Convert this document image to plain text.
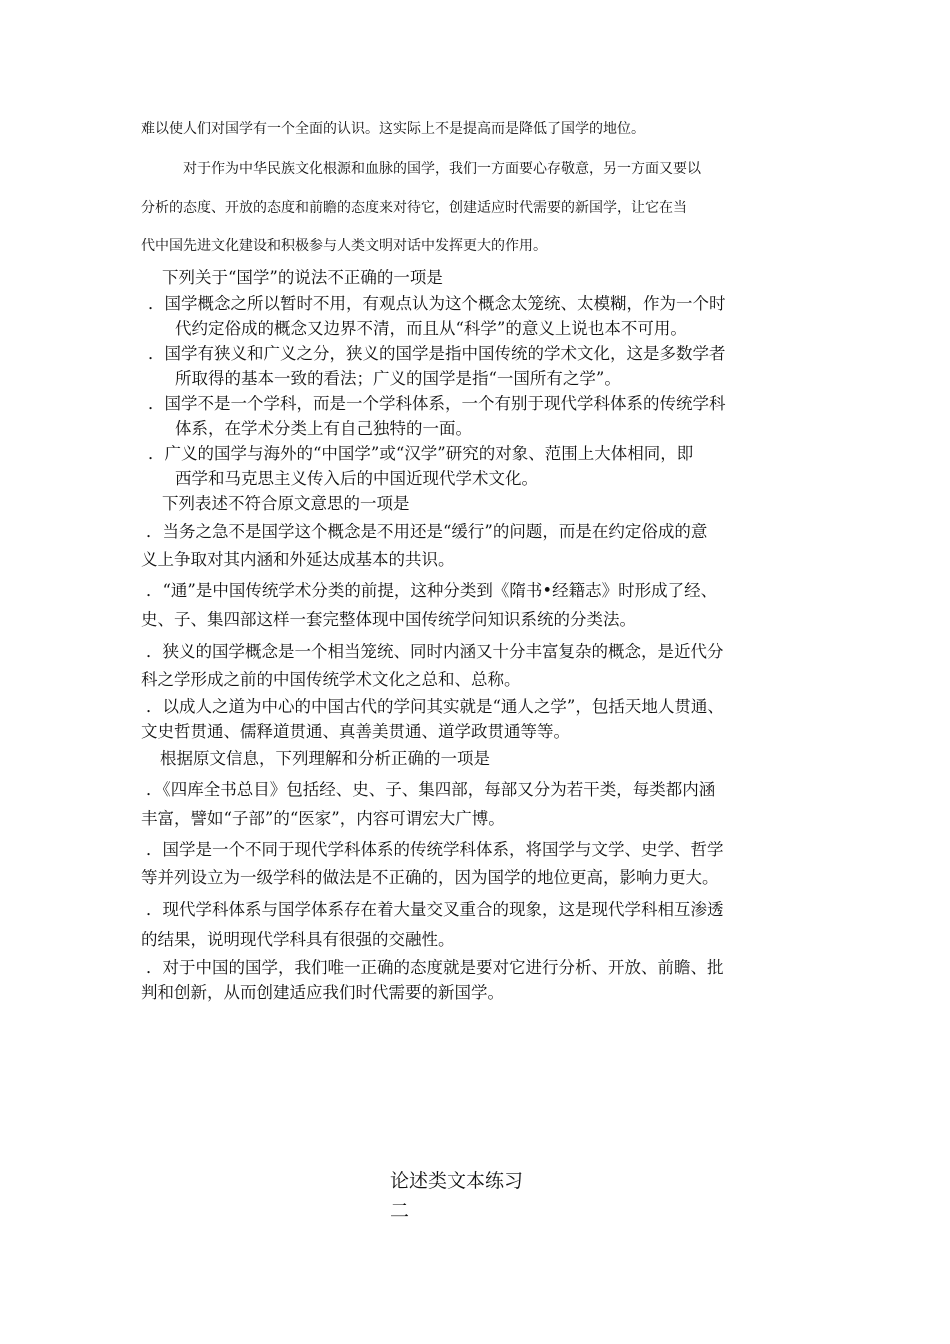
难以使人们对国学有一个全面的认识。这实际上不是提高而是降低了国学的地位。
对于作为中华民族文化根源和血脉的国学，我们一方面要心存敬意，另一方面又要以
分析的态度、开放的态度和前瞻的态度来对待它，创建适应时代需要的新国学，让它在当
代中国先进文化建设和积极参与人类文明对话中发挥更大的作用。
下列关于“国学”的说法不正确的一项是
．国学概念之所以暂时不用，有观点认为这个概念太笼统、太模糊，作为一个时
代约定俗成的概念又边界不清，而且从“科学”的意义上说也本不可用。
．国学有狭义和广义之分，狭义的国学是指中国传统的学术文化，这是多数学者
所取得的基本一致的看法；广义的国学是指“一国所有之学”。
．国学不是一个学科，而是一个学科体系，一个有别于现代学科体系的传统学科
体系，在学术分类上有自己独特的一面。
．广义的国学与海外的“中国学”或“汉学”研究的对象、范围上大体相同，即
西学和马克思主义传入后的中国近现代学术文化。
下列表述不符合原文意思的一项是
．当务之急不是国学这个概念是不用还是“缓行”的问题，而是在约定俗成的意
义上争取对其内涵和外延达成基本的共识。
．“通”是中国传统学术分类的前提，这种分类到《隋书•经籍志》时形成了经、
史、子、集四部这样一套完整体现中国传统学问知识系统的分类法。
．狭义的国学概念是一个相当笼统、同时内涵又十分丰富复杂的概念，是近代分
科之学形成之前的中国传统学术文化之总和、总称。
．以成人之道为中心的中国古代的学问其实就是“通人之学”，包括天地人贯通、
文史哲贯通、儒释道贯通、真善美贯通、道学政贯通等等。
根据原文信息，下列理解和分析正确的一项是
．《四库全书总目》包括经、史、子、集四部，每部又分为若干类，每类都内涵
丰富，譬如“子部”的“医家”，内容可谓宏大广博。
．国学是一个不同于现代学科体系的传统学科体系，将国学与文学、史学、哲学
等并列设立为一级学科的做法是不正确的，因为国学的地位更高，影响力更大。
．现代学科体系与国学体系存在着大量交叉重合的现象，这是现代学科相互渗透
的结果，说明现代学科具有很强的交融性。
．对于中国的国学，我们唯一正确的态度就是要对它进行分析、开放、前瞻、批
判和创新，从而创建适应我们时代需要的新国学。
论述类文本练习
二
